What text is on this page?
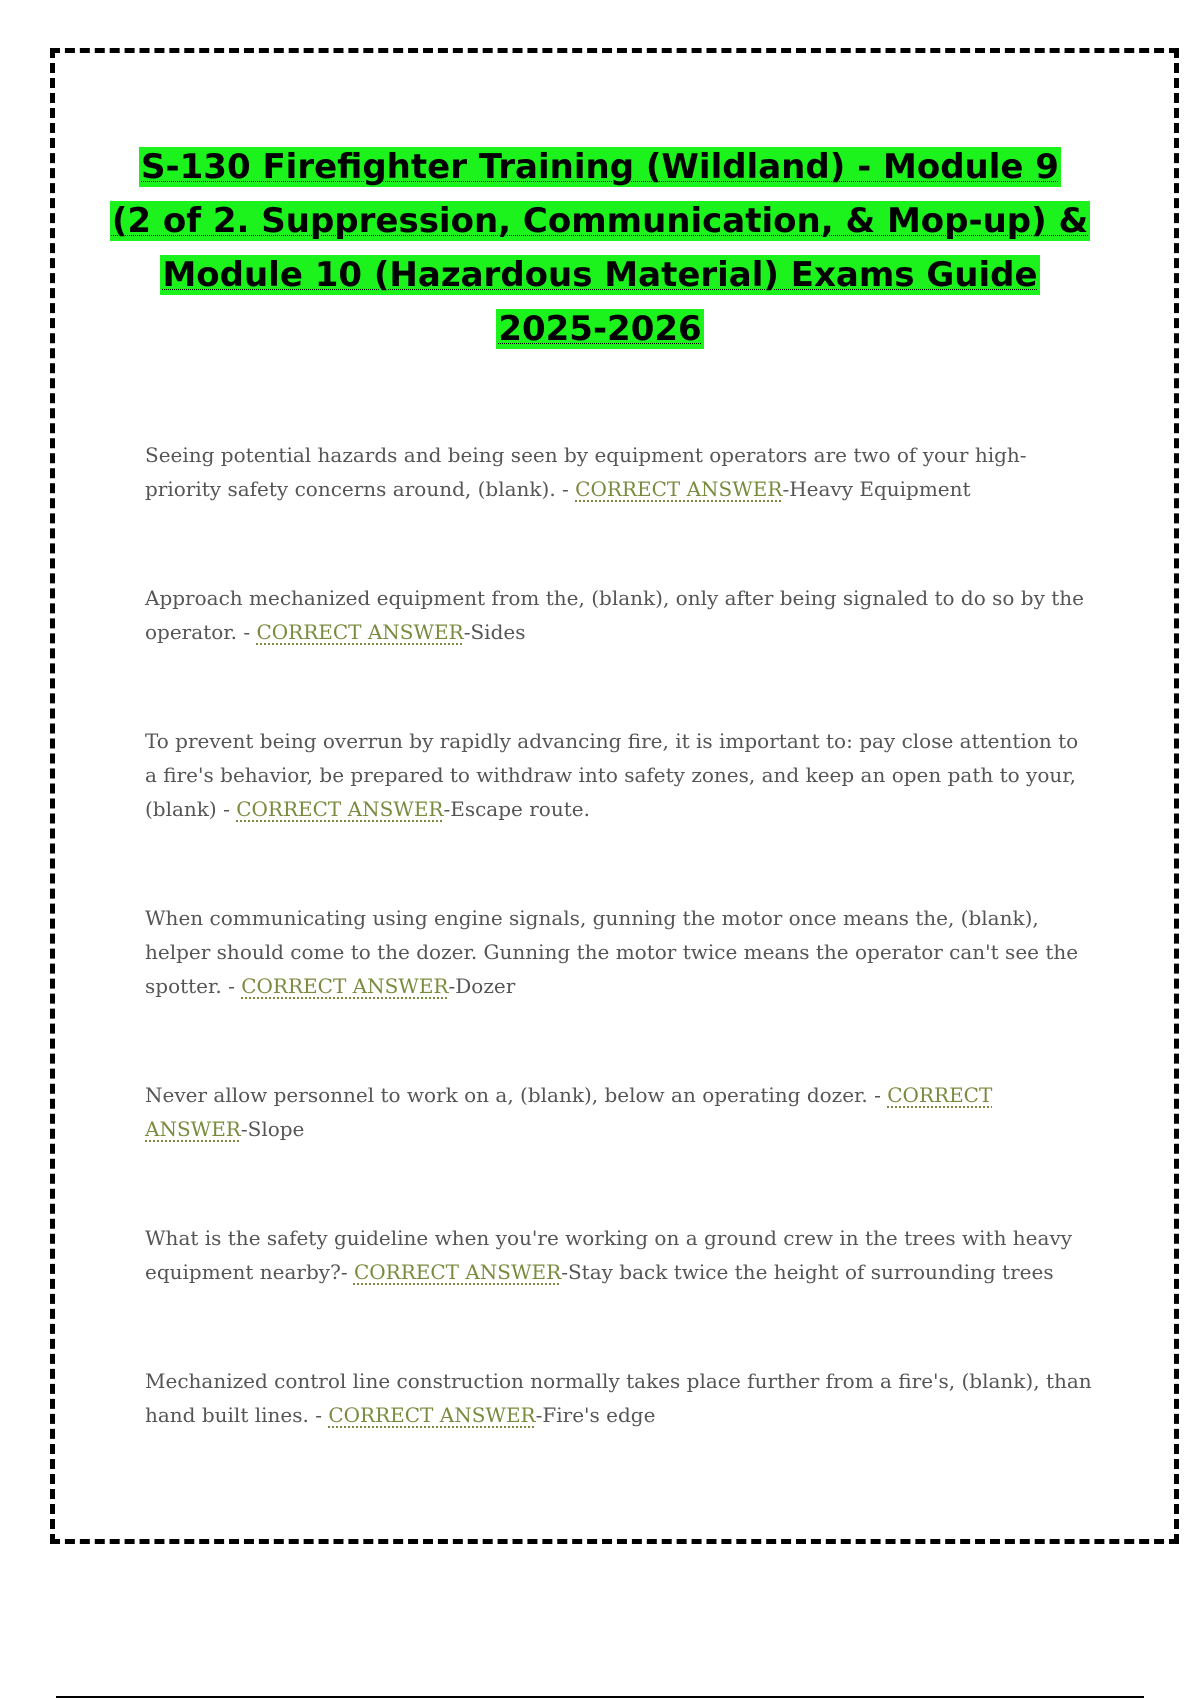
S-130 Firefighter Training (Wildland) - Module 9
(2 of 2. Suppression, Communication, & Mop-up) &
Module 10 (Hazardous Material) Exams Guide
2025-2026

Seeing potential hazards and being seen by equipment operators are two of your high-priority safety concerns around, (blank). - CORRECT ANSWER-Heavy Equipment

Approach mechanized equipment from the, (blank), only after being signaled to do so by the operator. - CORRECT ANSWER-Sides

To prevent being overrun by rapidly advancing fire, it is important to: pay close attention to a fire's behavior, be prepared to withdraw into safety zones, and keep an open path to your, (blank) - CORRECT ANSWER-Escape route.

When communicating using engine signals, gunning the motor once means the, (blank), helper should come to the dozer. Gunning the motor twice means the operator can't see the spotter. - CORRECT ANSWER-Dozer

Never allow personnel to work on a, (blank), below an operating dozer. - CORRECT ANSWER-Slope

What is the safety guideline when you're working on a ground crew in the trees with heavy equipment nearby?- CORRECT ANSWER-Stay back twice the height of surrounding trees

Mechanized control line construction normally takes place further from a fire's, (blank), than hand built lines. - CORRECT ANSWER-Fire's edge
